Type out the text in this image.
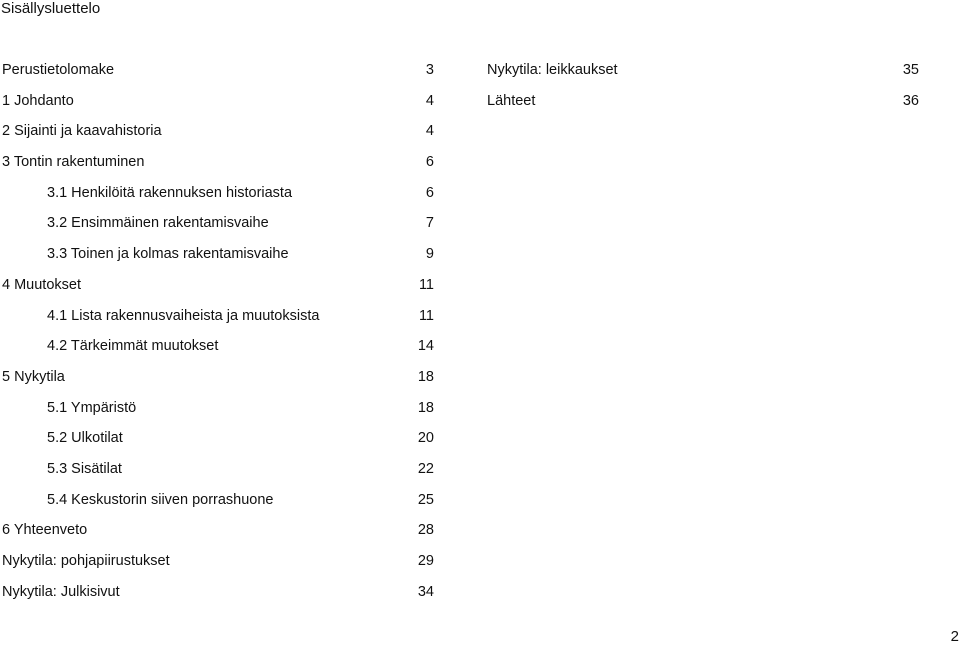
Sisällysluettelo
Perustietolomake	3
1 Johdanto	4
2 Sijainti ja kaavahistoria	4
3 Tontin rakentuminen	6
3.1 Henkilöitä rakennuksen historiasta	6
3.2 Ensimmäinen rakentamisvaihe	7
3.3 Toinen ja kolmas rakentamisvaihe	9
4 Muutokset	11
4.1 Lista rakennusvaiheista ja muutoksista	11
4.2 Tärkeimmät muutokset	14
5 Nykytila	18
5.1 Ympäristö	18
5.2 Ulkotilat	20
5.3 Sisätilat	22
5.4 Keskustorin siiven porrashuone	25
6 Yhteenveto	28
Nykytila: pohjapiirustukset	29
Nykytila: Julkisivut	34
Nykytila: leikkaukset	35
Lähteet	36
2
